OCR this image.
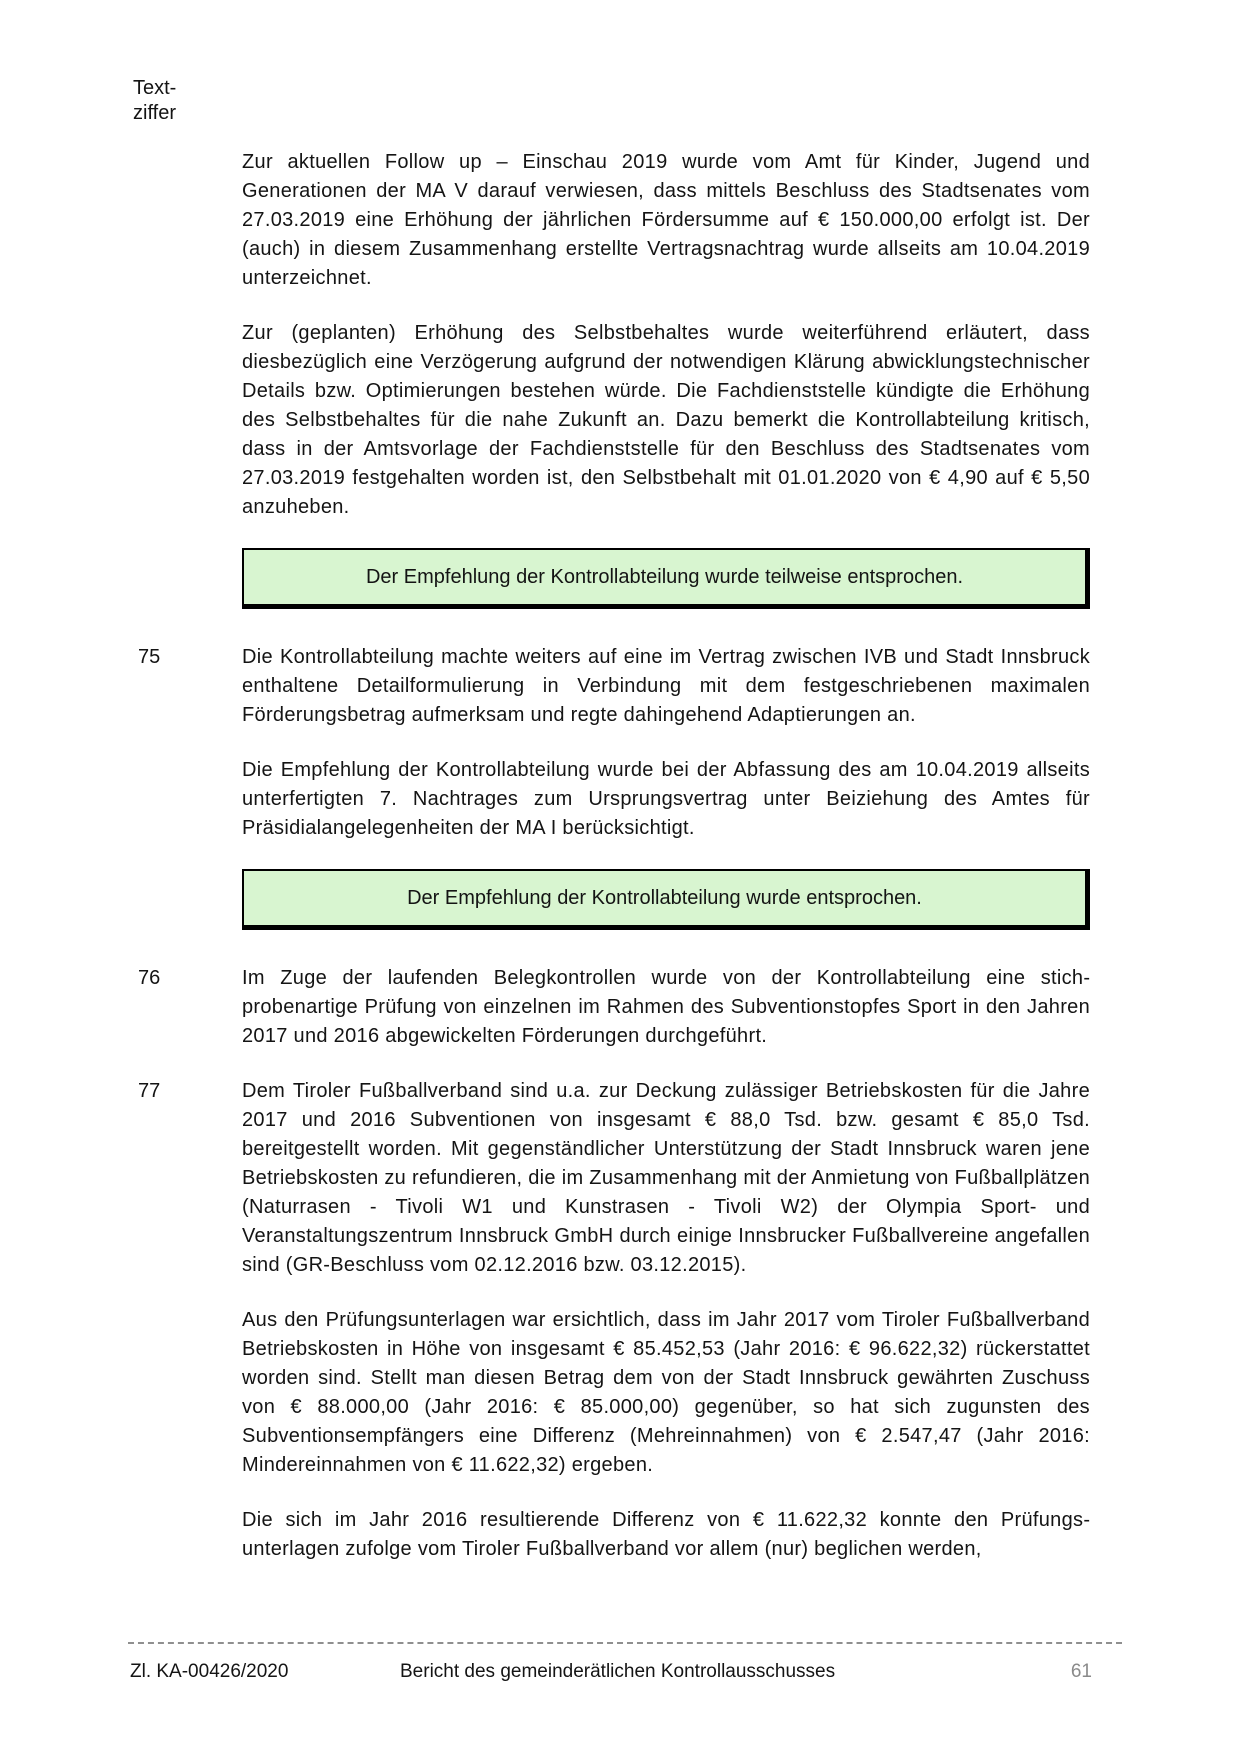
Text-
ziffer

Zur aktuellen Follow up – Einschau 2019 wurde vom Amt für Kinder, Jugend und Generationen der MA V darauf verwiesen, dass mittels Beschluss des Stadtsenates vom 27.03.2019 eine Erhöhung der jährlichen Fördersumme auf € 150.000,00 erfolgt ist. Der (auch) in diesem Zusammenhang erstellte Vertragsnachtrag wurde allseits am 10.04.2019 unterzeichnet.

Zur (geplanten) Erhöhung des Selbstbehaltes wurde weiterführend erläutert, dass diesbezüglich eine Verzögerung aufgrund der notwendigen Klärung abwicklungstechnischer Details bzw. Optimierungen bestehen würde. Die Fachdienststelle kündigte die Erhöhung des Selbstbehaltes für die nahe Zukunft an. Dazu bemerkt die Kontrollabteilung kritisch, dass in der Amtsvorlage der Fachdienststelle für den Beschluss des Stadtsenates vom 27.03.2019 festgehalten worden ist, den Selbstbehalt mit 01.01.2020 von € 4,90 auf € 5,50 anzuheben.

Der Empfehlung der Kontrollabteilung wurde teilweise entsprochen.
75	Die Kontrollabteilung machte weiters auf eine im Vertrag zwischen IVB und Stadt Innsbruck enthaltene Detailformulierung in Verbindung mit dem festgeschriebenen maximalen Förderungsbetrag aufmerksam und regte dahingehend Adaptierungen an.

Die Empfehlung der Kontrollabteilung wurde bei der Abfassung des am 10.04.2019 allseits unterfertigten 7. Nachtrages zum Ursprungsvertrag unter Beiziehung des Amtes für Präsidialangelegenheiten der MA I berücksichtigt.

Der Empfehlung der Kontrollabteilung wurde entsprochen.
76	Im Zuge der laufenden Belegkontrollen wurde von der Kontrollabteilung eine stichprobenartige Prüfung von einzelnen im Rahmen des Subventionstopfes Sport in den Jahren 2017 und 2016 abgewickelten Förderungen durchgeführt.

77	Dem Tiroler Fußballverband sind u.a. zur Deckung zulässiger Betriebskosten für die Jahre 2017 und 2016 Subventionen von insgesamt € 88,0 Tsd. bzw. gesamt € 85,0 Tsd. bereitgestellt worden. Mit gegenständlicher Unterstützung der Stadt Innsbruck waren jene Betriebskosten zu refundieren, die im Zusammenhang mit der Anmietung von Fußballplätzen (Naturrasen - Tivoli W1 und Kunstrasen - Tivoli W2) der Olympia Sport- und Veranstaltungszentrum Innsbruck GmbH durch einige Innsbrucker Fußballvereine angefallen sind (GR-Beschluss vom 02.12.2016 bzw. 03.12.2015).

Aus den Prüfungsunterlagen war ersichtlich, dass im Jahr 2017 vom Tiroler Fußballverband Betriebskosten in Höhe von insgesamt € 85.452,53 (Jahr 2016: € 96.622,32) rückerstattet worden sind. Stellt man diesen Betrag dem von der Stadt Innsbruck gewährten Zuschuss von € 88.000,00 (Jahr 2016: € 85.000,00) gegenüber, so hat sich zugunsten des Subventionsempfängers eine Differenz (Mehreinnahmen) von € 2.547,47 (Jahr 2016: Mindereinnahmen von € 11.622,32) ergeben.

Die sich im Jahr 2016 resultierende Differenz von € 11.622,32 konnte den Prüfungsunterlagen zufolge vom Tiroler Fußballverband vor allem (nur) beglichen werden,

Zl. KA-00426/2020	Bericht des gemeinderätlichen Kontrollausschusses	61
